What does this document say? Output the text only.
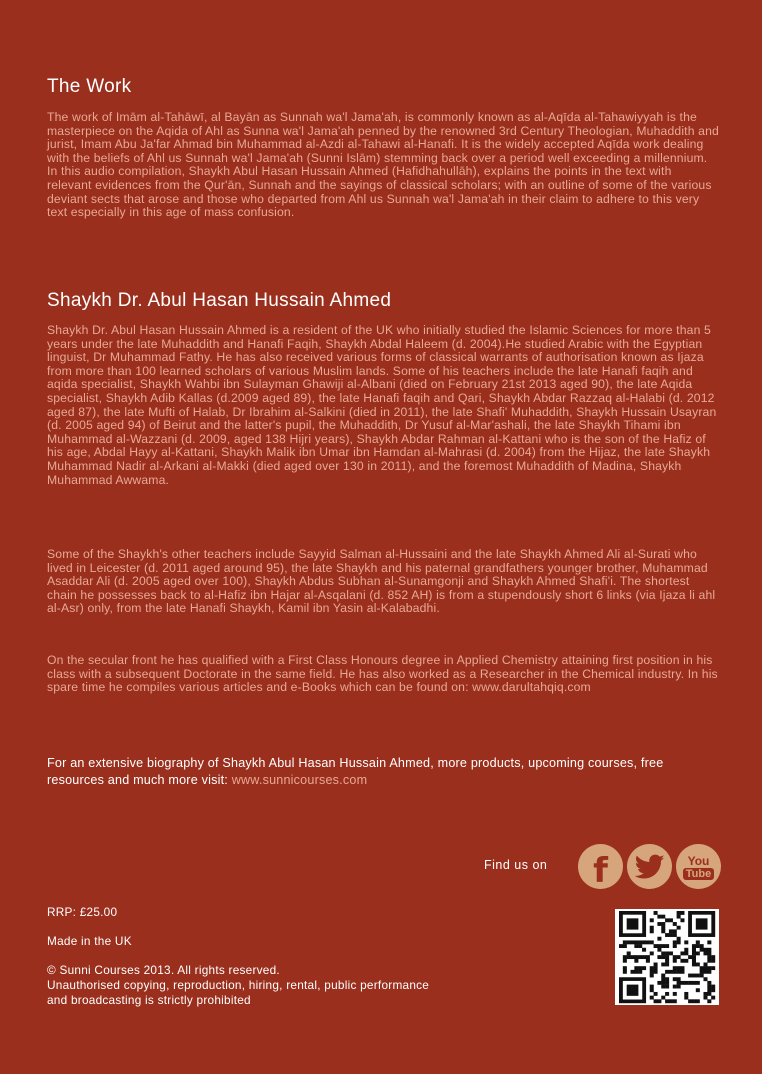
The Work

The work of Imām al-Tahāwī, al Bayān as Sunnah wa'l Jama'ah, is commonly known as al-Aqīda al-Tahawiyyah is the masterpiece on the Aqida of Ahl as Sunna wa'l Jama'ah penned by the renowned 3rd Century Theologian, Muhaddith and jurist, Imam Abu Ja'far Ahmad bin Muhammad al-Azdi al-Tahawi al-Hanafi. It is the widely accepted Aqīda work dealing with the beliefs of Ahl us Sunnah wa'l Jama'ah (Sunni Islām) stemming back over a period well exceeding a millennium. In this audio compilation, Shaykh Abul Hasan Hussain Ahmed (Hafidhahullāh), explains the points in the text with relevant evidences from the Qur'ān, Sunnah and the sayings of classical scholars; with an outline of some of the various deviant sects that arose and those who departed from Ahl us Sunnah wa'l Jama'ah in their claim to adhere to this very text especially in this age of mass confusion.

Shaykh Dr. Abul Hasan Hussain Ahmed

Shaykh Dr. Abul Hasan Hussain Ahmed is a resident of the UK who initially studied the Islamic Sciences for more than 5 years under the late Muhaddith and Hanafi Faqih, Shaykh Abdal Haleem (d. 2004).He studied Arabic with the Egyptian linguist, Dr Muhammad Fathy. He has also received various forms of classical warrants of authorisation known as Ijaza from more than 100 learned scholars of various Muslim lands. Some of his teachers include the late Hanafi faqih and aqida specialist, Shaykh Wahbi ibn Sulayman Ghawiji al-Albani (died on February 21st 2013 aged 90), the late Aqida specialist, Shaykh Adib Kallas (d.2009 aged 89), the late Hanafi faqih and Qari, Shaykh Abdar Razzaq al-Halabi (d. 2012 aged 87), the late Mufti of Halab, Dr Ibrahim al-Salkini (died in 2011), the late Shafi' Muhaddith, Shaykh Hussain Usayran (d. 2005 aged 94) of Beirut and the latter's pupil, the Muhaddith, Dr Yusuf al-Mar'ashali, the late Shaykh Tihami ibn Muhammad al-Wazzani (d. 2009, aged 138 Hijri years), Shaykh Abdar Rahman al-Kattani who is the son of the Hafiz of his age, Abdal Hayy al-Kattani, Shaykh Malik ibn Umar ibn Hamdan al-Mahrasi (d. 2004) from the Hijaz, the late Shaykh Muhammad Nadir al-Arkani al-Makki (died aged over 130 in 2011), and the foremost Muhaddith of Madina, Shaykh Muhammad Awwama.

Some of the Shaykh's other teachers include Sayyid Salman al-Hussaini and the late Shaykh Ahmed Ali al-Surati who lived in Leicester (d. 2011 aged around 95), the late Shaykh and his paternal grandfathers younger brother, Muhammad Asaddar Ali (d. 2005 aged over 100), Shaykh Abdus Subhan al-Sunamgonji and Shaykh Ahmed Shafi'i. The shortest chain he possesses back to al-Hafiz ibn Hajar al-Asqalani (d. 852 AH) is from a stupendously short 6 links (via Ijaza li ahl al-Asr) only, from the late Hanafi Shaykh, Kamil ibn Yasin al-Kalabadhi.

On the secular front he has qualified with a First Class Honours degree in Applied Chemistry attaining first position in his class with a subsequent Doctorate in the same field. He has also worked as a Researcher in the Chemical industry. In his spare time he compiles various articles and e-Books which can be found on: www.darultahqiq.com

For an extensive biography of Shaykh Abul Hasan Hussain Ahmed, more products, upcoming courses, free resources and much more visit: www.sunnicourses.com

Find us on f	You
Tube
RRP: £25.00
Made in the UK
© Sunni Courses 2013. All rights reserved.
Unauthorised copying, reproduction, hiring, rental, public performance
and broadcasting is strictly prohibited
